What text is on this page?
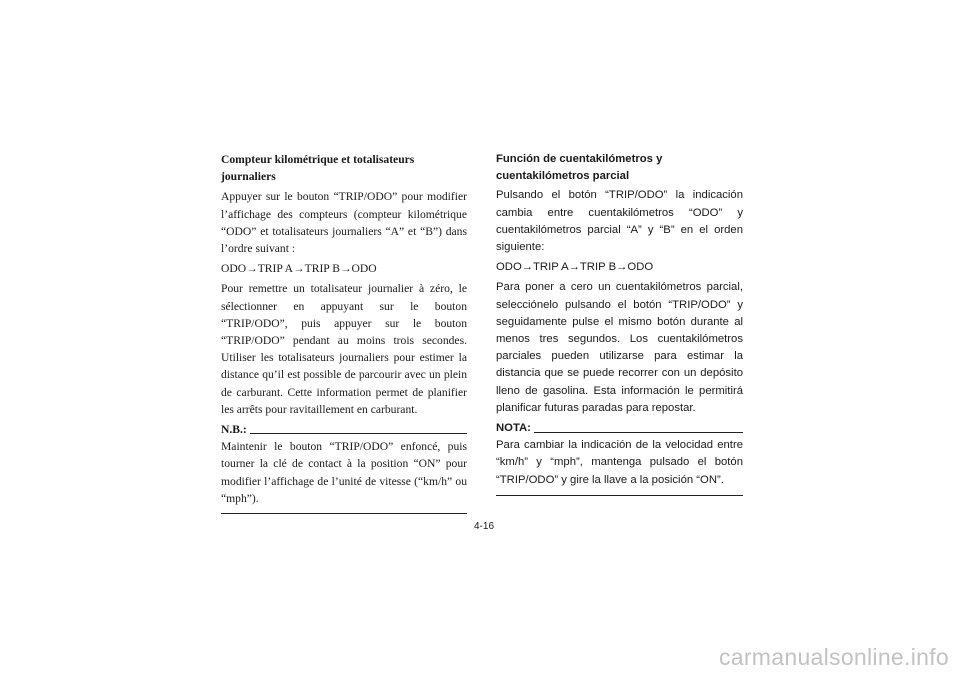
Compteur kilométrique et totalisateurs journaliers

Appuyer sur le bouton “TRIP/ODO” pour modifier l’affichage des compteurs (compteur kilométrique “ODO” et totalisateurs journaliers “A” et “B”) dans l’ordre suivant :

ODO→TRIP A→TRIP B→ODO

Pour remettre un totalisateur journalier à zéro, le sélectionner en appuyant sur le bouton “TRIP/ODO”, puis appuyer sur le bouton “TRIP/ODO” pendant au moins trois secondes. Utiliser les totalisateurs journaliers pour estimer la distance qu’il est possible de parcourir avec un plein de carburant. Cette information permet de planifier les arrêts pour ravitaillement en carburant.

N.B.:

Maintenir le bouton “TRIP/ODO” enfoncé, puis tourner la clé de contact à la position “ON” pour modifier l’affichage de l’unité de vitesse (“km/h” ou “mph”).

Función de cuentakilómetros y cuentakilómetros parcial

Pulsando el botón “TRIP/ODO” la indicación cambia entre cuentakilómetros “ODO” y cuentakilómetros parcial “A” y “B” en el orden siguiente:

ODO→TRIP A→TRIP B→ODO

Para poner a cero un cuentakilómetros parcial, selecciónelo pulsando el botón “TRIP/ODO” y seguidamente pulse el mismo botón durante al menos tres segundos. Los cuentakilómetros parciales pueden utilizarse para estimar la distancia que se puede recorrer con un depósito lleno de gasolina. Esta información le permitirá planificar futuras paradas para repostar.

NOTA:

Para cambiar la indicación de la velocidad entre “km/h” y “mph”, mantenga pulsado el botón “TRIP/ODO” y gire la llave a la posición “ON”.

4-16
carmanualsonline.info
